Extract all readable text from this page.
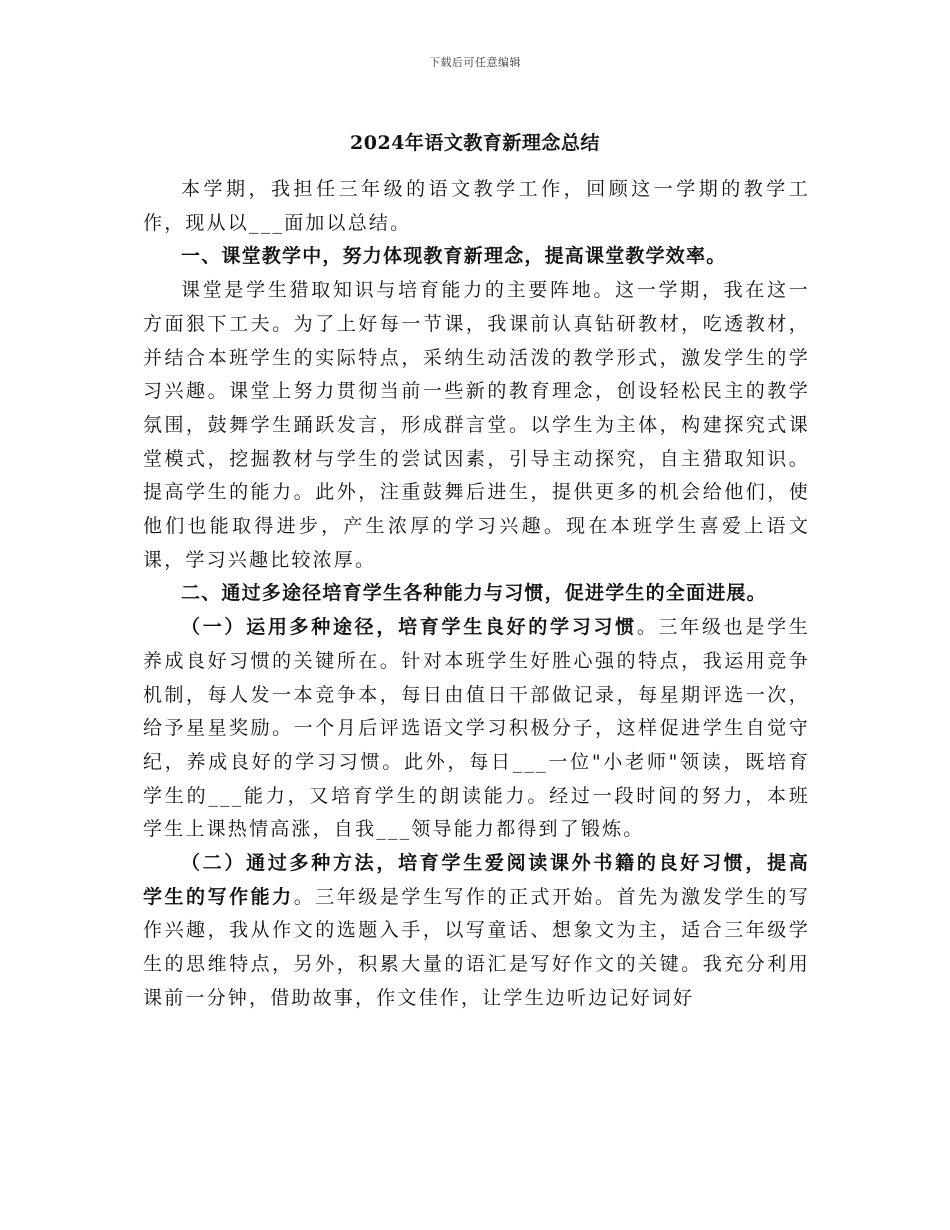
下载后可任意编辑
2024年语文教育新理念总结

本学期，我担任三年级的语文教学工作，回顾这一学期的教学工作，现从以___面加以总结。

一、课堂教学中，努力体现教育新理念，提高课堂教学效率。

课堂是学生猎取知识与培育能力的主要阵地。这一学期，我在这一方面狠下工夫。为了上好每一节课，我课前认真钻研教材，吃透教材，并结合本班学生的实际特点，采纳生动活泼的教学形式，激发学生的学习兴趣。课堂上努力贯彻当前一些新的教育理念，创设轻松民主的教学氛围，鼓舞学生踊跃发言，形成群言堂。以学生为主体，构建探究式课堂模式，挖掘教材与学生的尝试因素，引导主动探究，自主猎取知识。提高学生的能力。此外，注重鼓舞后进生，提供更多的机会给他们，使他们也能取得进步，产生浓厚的学习兴趣。现在本班学生喜爱上语文课，学习兴趣比较浓厚。

二、通过多途径培育学生各种能力与习惯，促进学生的全面进展。

（一）运用多种途径，培育学生良好的学习习惯。三年级也是学生养成良好习惯的关键所在。针对本班学生好胜心强的特点，我运用竞争机制，每人发一本竞争本，每日由值日干部做记录，每星期评选一次，给予星星奖励。一个月后评选语文学习积极分子，这样促进学生自觉守纪，养成良好的学习习惯。此外，每日___一位"小老师"领读，既培育学生的___能力，又培育学生的朗读能力。经过一段时间的努力，本班学生上课热情高涨，自我___领导能力都得到了锻炼。

（二）通过多种方法，培育学生爱阅读课外书籍的良好习惯，提高学生的写作能力。三年级是学生写作的正式开始。首先为激发学生的写作兴趣，我从作文的选题入手，以写童话、想象文为主，适合三年级学生的思维特点，另外，积累大量的语汇是写好作文的关键。我充分利用课前一分钟，借助故事，作文佳作，让学生边听边记好词好
